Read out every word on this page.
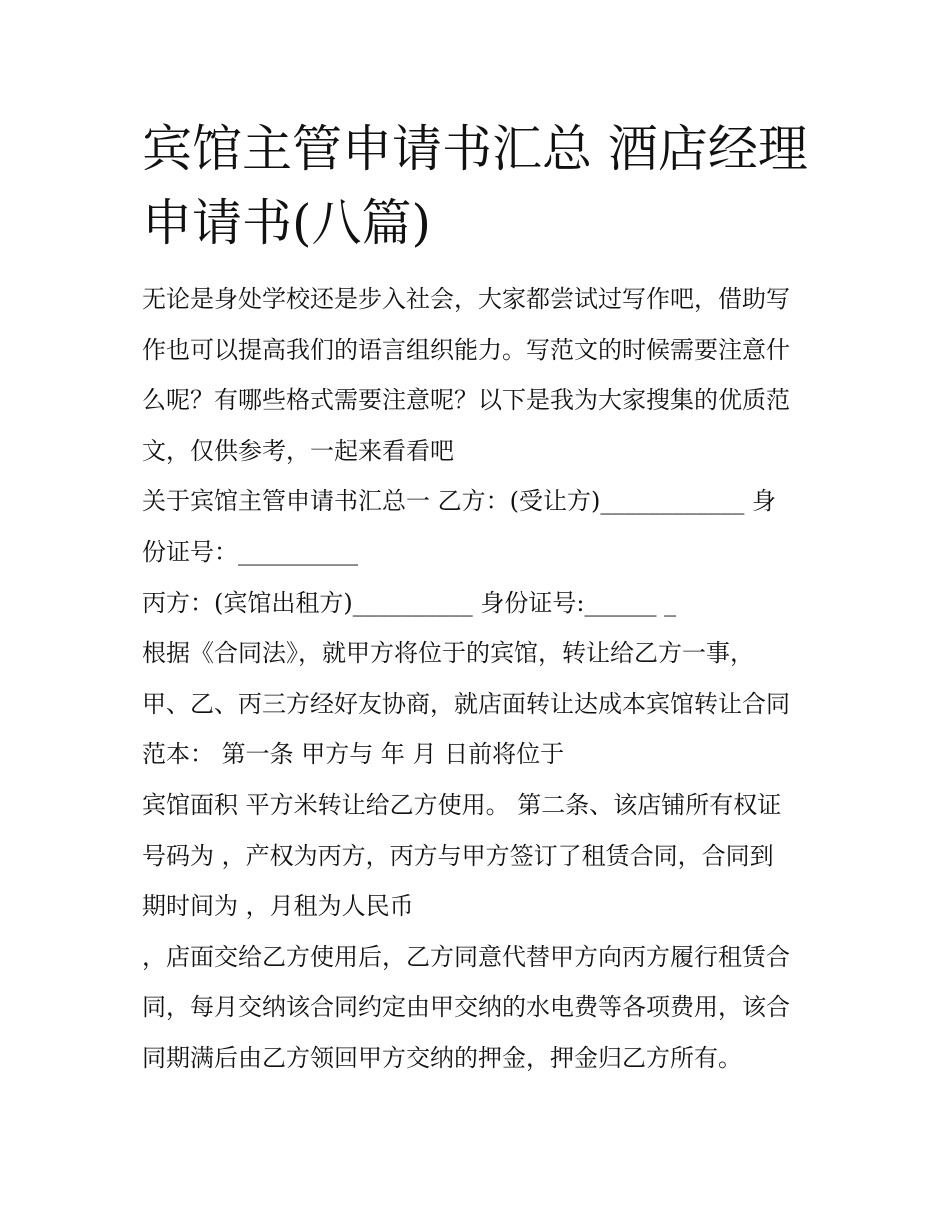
宾馆主管申请书汇总 酒店经理
申请书(八篇)

无论是身处学校还是步入社会，大家都尝试过写作吧，借助写

作也可以提高我们的语言组织能力。写范文的时候需要注意什

么呢？有哪些格式需要注意呢？以下是我为大家搜集的优质范

文，仅供参考，一起来看看吧

关于宾馆主管申请书汇总一 乙方：(受让方)____________ 身

份证号：__________

丙方：(宾馆出租方)__________ 身份证号:______ _

根据《合同法》，就甲方将位于的宾馆，转让给乙方一事，

甲、乙、丙三方经好友协商，就店面转让达成本宾馆转让合同

范本： 第一条 甲方与 年 月 日前将位于

宾馆面积 平方米转让给乙方使用。 第二条、该店铺所有权证

号码为 ，产权为丙方，丙方与甲方签订了租赁合同，合同到

期时间为 ，月租为人民币

，店面交给乙方使用后，乙方同意代替甲方向丙方履行租赁合

同，每月交纳该合同约定由甲交纳的水电费等各项费用，该合

同期满后由乙方领回甲方交纳的押金，押金归乙方所有。
